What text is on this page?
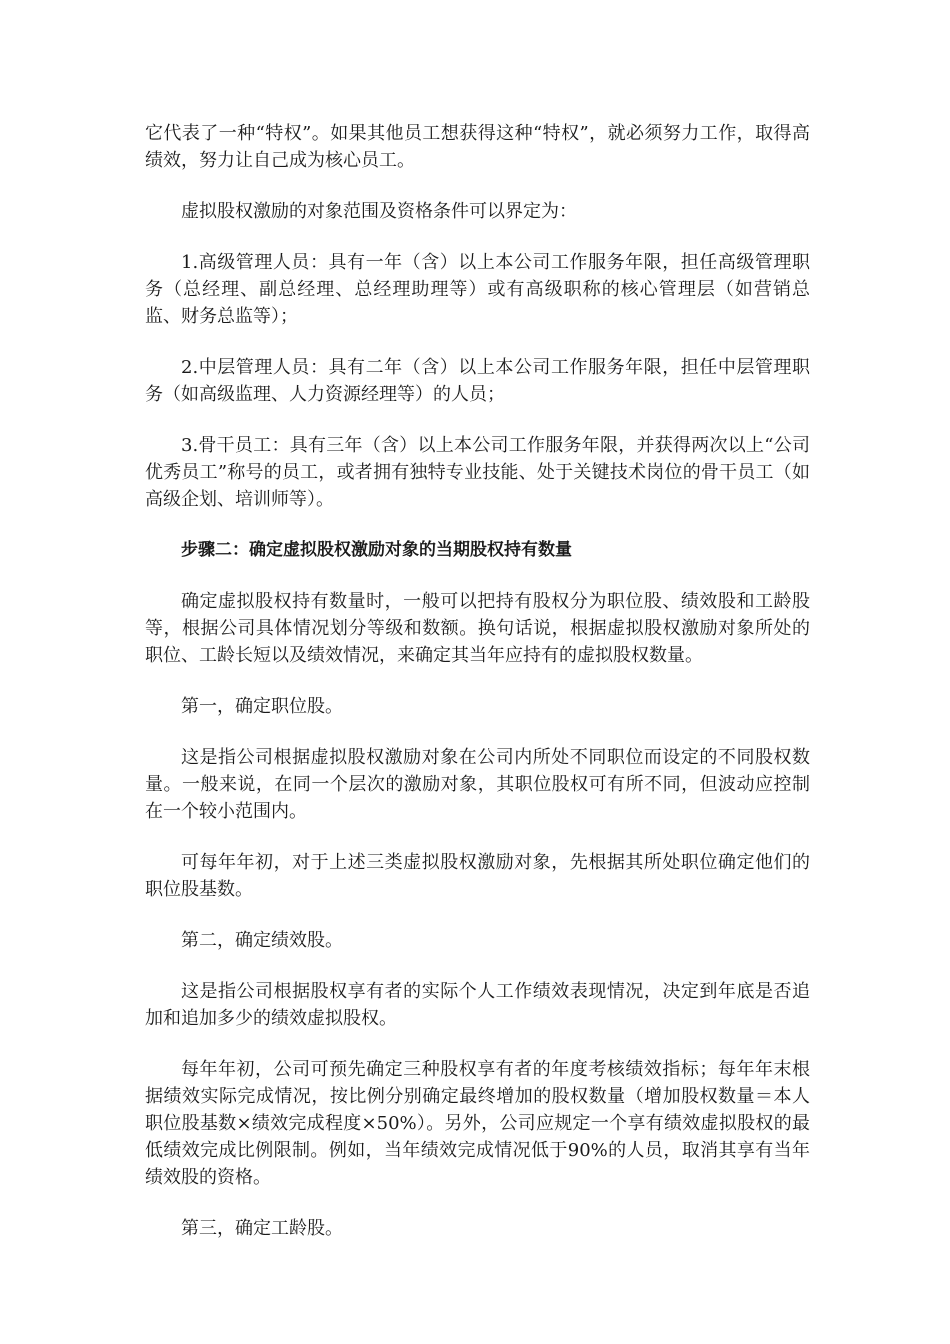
它代表了一种“特权”。如果其他员工想获得这种“特权”，就必须努力工作，取得高绩效，努力让自己成为核心员工。

虚拟股权激励的对象范围及资格条件可以界定为：

1.高级管理人员：具有一年（含）以上本公司工作服务年限，担任高级管理职务（总经理、副总经理、总经理助理等）或有高级职称的核心管理层（如营销总监、财务总监等）；

2.中层管理人员：具有二年（含）以上本公司工作服务年限，担任中层管理职务（如高级监理、人力资源经理等）的人员；

3.骨干员工：具有三年（含）以上本公司工作服务年限，并获得两次以上“公司优秀员工”称号的员工，或者拥有独特专业技能、处于关键技术岗位的骨干员工（如高级企划、培训师等）。

步骤二：确定虚拟股权激励对象的当期股权持有数量

确定虚拟股权持有数量时，一般可以把持有股权分为职位股、绩效股和工龄股等，根据公司具体情况划分等级和数额。换句话说，根据虚拟股权激励对象所处的职位、工龄长短以及绩效情况，来确定其当年应持有的虚拟股权数量。

第一，确定职位股。

这是指公司根据虚拟股权激励对象在公司内所处不同职位而设定的不同股权数量。一般来说，在同一个层次的激励对象，其职位股权可有所不同，但波动应控制在一个较小范围内。

可每年年初，对于上述三类虚拟股权激励对象，先根据其所处职位确定他们的职位股基数。

第二，确定绩效股。

这是指公司根据股权享有者的实际个人工作绩效表现情况，决定到年底是否追加和追加多少的绩效虚拟股权。

每年年初，公司可预先确定三种股权享有者的年度考核绩效指标；每年年末根据绩效实际完成情况，按比例分别确定最终增加的股权数量（增加股权数量＝本人职位股基数×绩效完成程度×50%）。另外，公司应规定一个享有绩效虚拟股权的最低绩效完成比例限制。例如，当年绩效完成情况低于90%的人员，取消其享有当年绩效股的资格。

第三，确定工龄股。
